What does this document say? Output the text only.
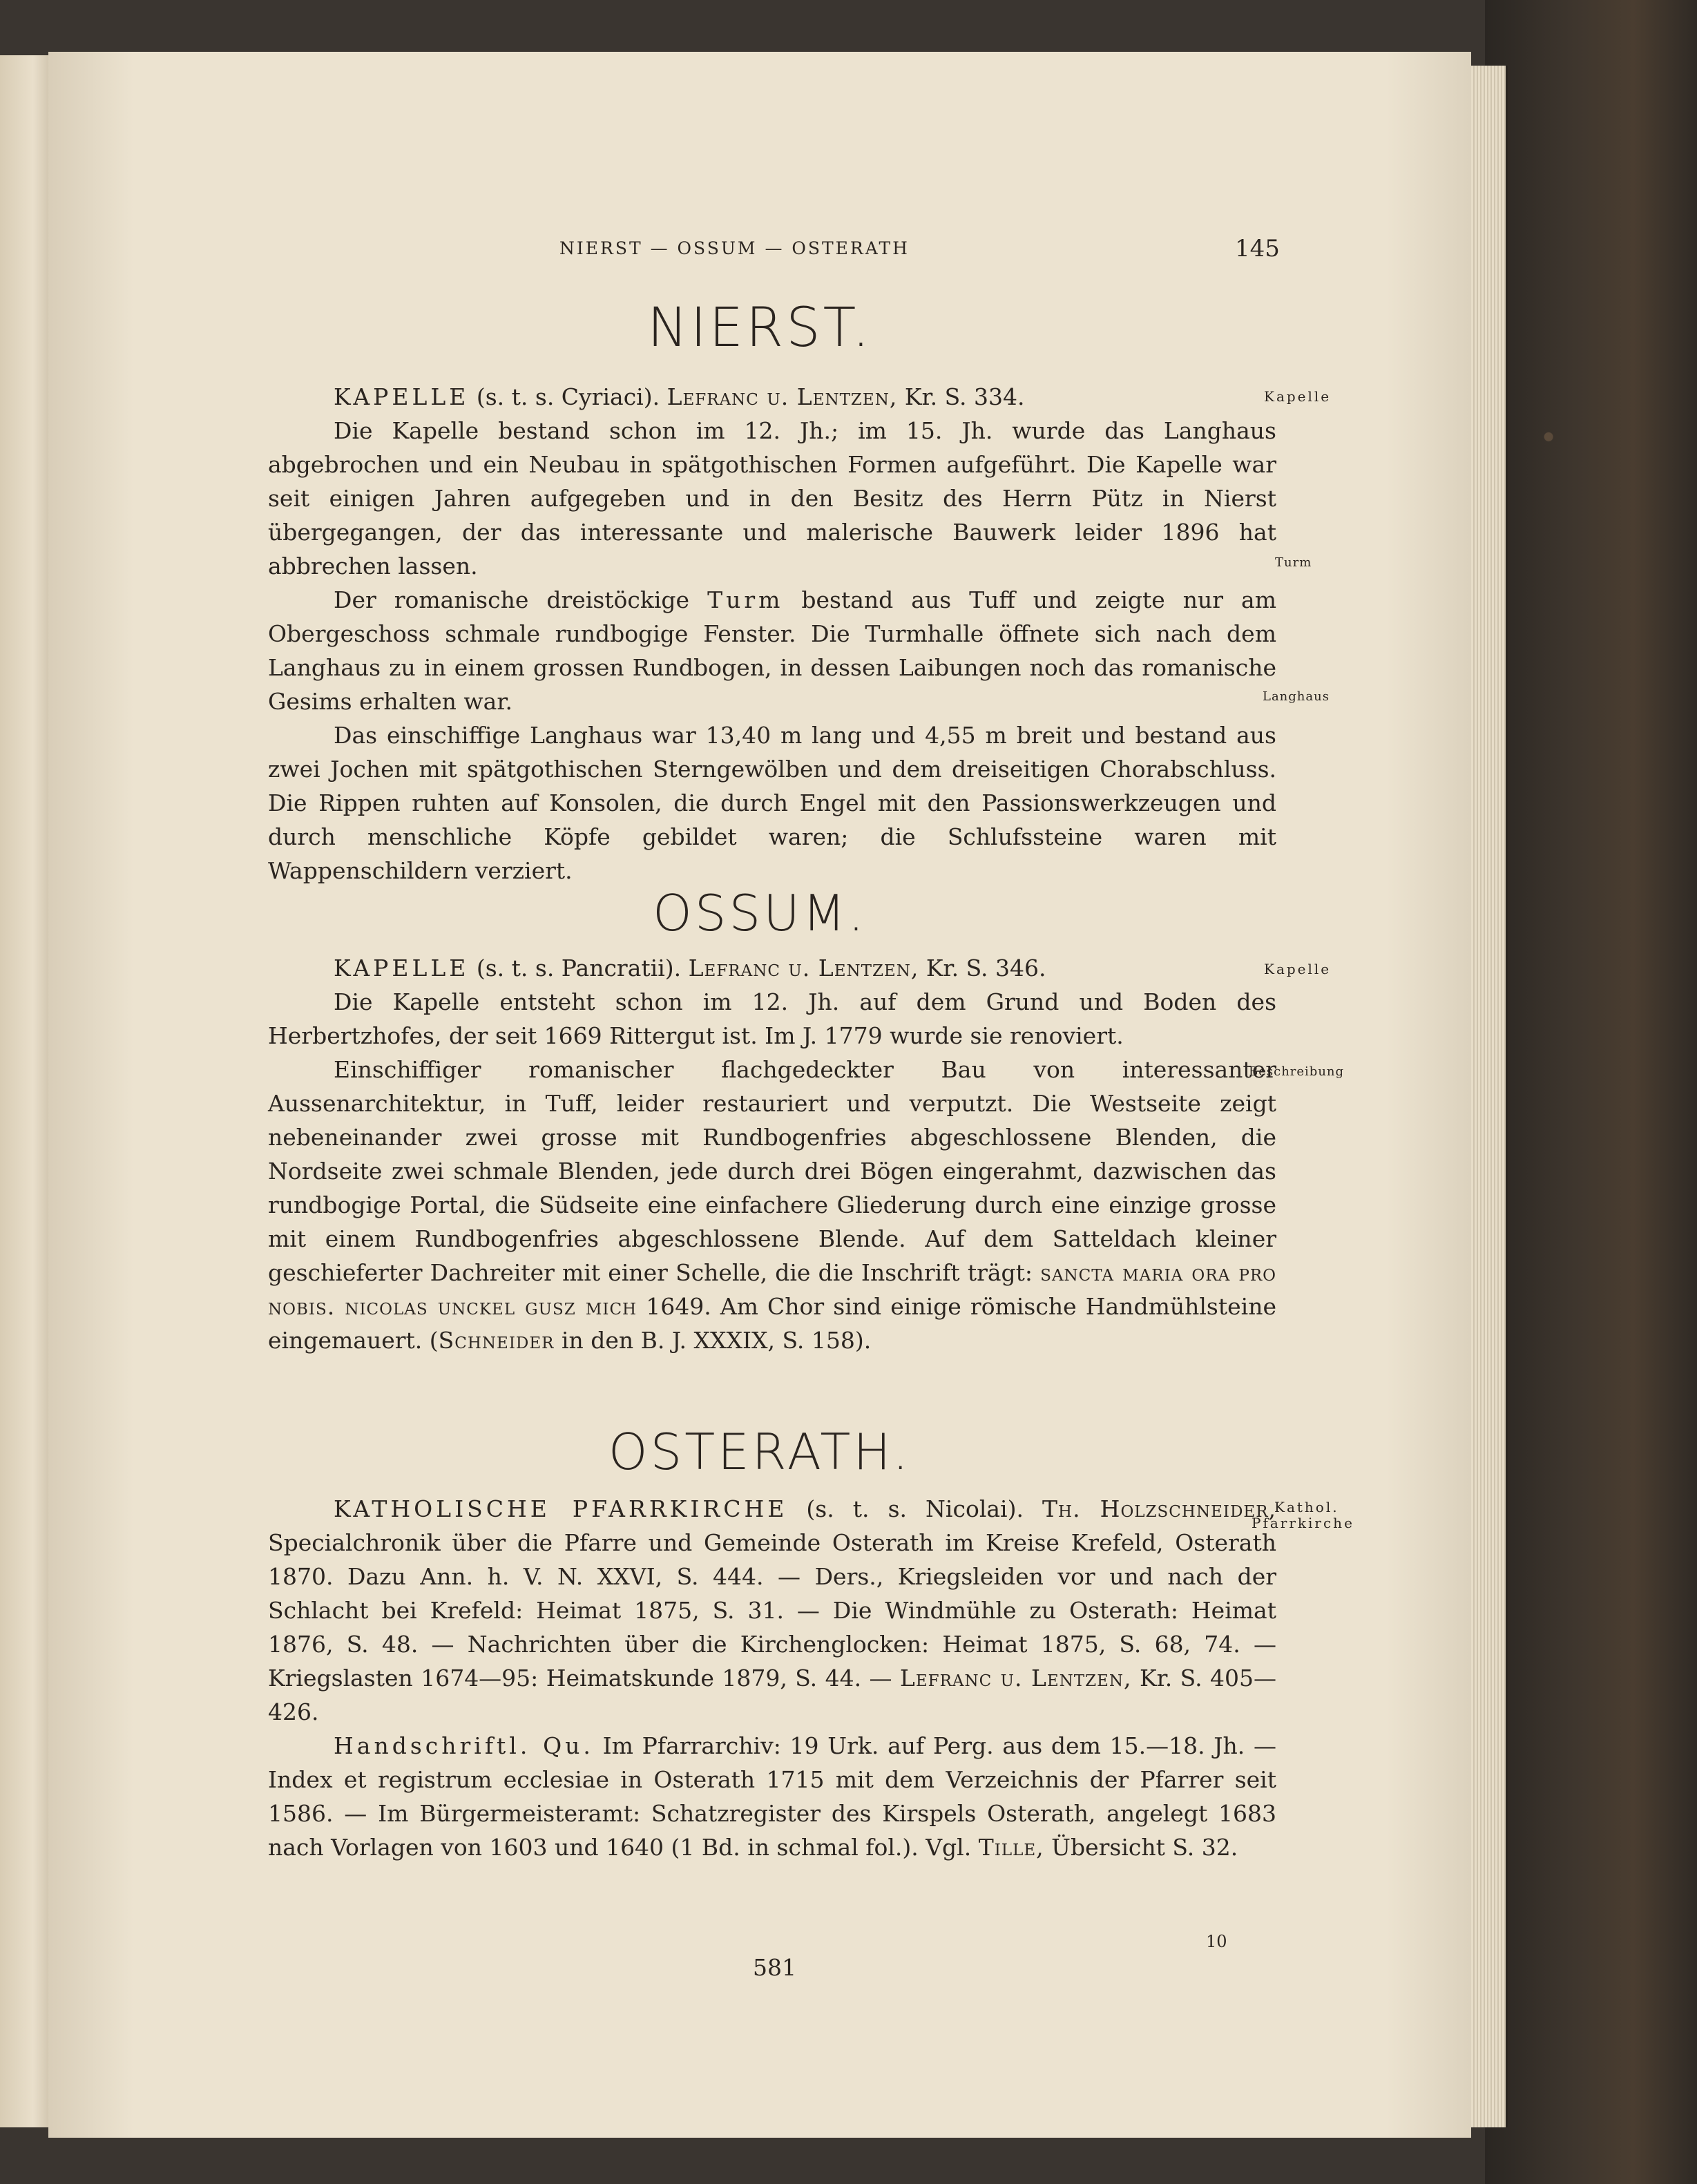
NIERST — OSSUM — OSTERATH	145
NIERST.

KAPELLE (s. t. s. Cyriaci). Lefranc u. Lentzen, Kr. S. 334.

Die Kapelle bestand schon im 12. Jh.; im 15. Jh. wurde das Langhaus abgebrochen und ein Neubau in spätgothischen Formen aufgeführt. Die Kapelle war seit einigen Jahren aufgegeben und in den Besitz des Herrn Pütz in Nierst übergegangen, der das interessante und malerische Bauwerk leider 1896 hat abbrechen lassen.

Der romanische dreistöckige Turm bestand aus Tuff und zeigte nur am Obergeschoss schmale rundbogige Fenster. Die Turmhalle öffnete sich nach dem Langhaus zu in einem grossen Rundbogen, in dessen Laibungen noch das romanische Gesims erhalten war.

Das einschiffige Langhaus war 13,40 m lang und 4,55 m breit und bestand aus zwei Jochen mit spätgothischen Sterngewölben und dem dreiseitigen Chorabschluss. Die Rippen ruhten auf Konsolen, die durch Engel mit den Passionswerkzeugen und durch menschliche Köpfe gebildet waren; die Schlufssteine waren mit Wappenschildern verziert.

Kapelle
Turm
Langhaus
OSSUM.

KAPELLE (s. t. s. Pancratii). Lefranc u. Lentzen, Kr. S. 346.

Die Kapelle entsteht schon im 12. Jh. auf dem Grund und Boden des Herbertzhofes, der seit 1669 Rittergut ist. Im J. 1779 wurde sie renoviert.

Einschiffiger romanischer flachgedeckter Bau von interessanter Aussenarchitektur, in Tuff, leider restauriert und verputzt. Die Westseite zeigt nebeneinander zwei grosse mit Rundbogenfries abgeschlossene Blenden, die Nordseite zwei schmale Blenden, jede durch drei Bögen eingerahmt, dazwischen das rundbogige Portal, die Südseite eine einfachere Gliederung durch eine einzige grosse mit einem Rundbogenfries abgeschlossene Blende. Auf dem Satteldach kleiner geschieferter Dachreiter mit einer Schelle, die die Inschrift trägt: sancta maria ora pro nobis. nicolas unckel gusz mich 1649. Am Chor sind einige römische Handmühlsteine eingemauert. (Schneider in den B. J. XXXIX, S. 158).

Kapelle
Beschreibung
OSTERATH.

KATHOLISCHE PFARRKIRCHE (s. t. s. Nicolai). Th. Holzschneider, Specialchronik über die Pfarre und Gemeinde Osterath im Kreise Krefeld, Osterath 1870. Dazu Ann. h. V. N. XXVI, S. 444. — Ders., Kriegsleiden vor und nach der Schlacht bei Krefeld: Heimat 1875, S. 31. — Die Windmühle zu Osterath: Heimat 1876, S. 48. — Nachrichten über die Kirchenglocken: Heimat 1875, S. 68, 74. — Kriegslasten 1674—95: Heimatskunde 1879, S. 44. — Lefranc u. Lentzen, Kr. S. 405—426.

Handschriftl. Qu. Im Pfarrarchiv: 19 Urk. auf Perg. aus dem 15.—18. Jh. — Index et registrum ecclesiae in Osterath 1715 mit dem Verzeichnis der Pfarrer seit 1586. — Im Bürgermeisteramt: Schatzregister des Kirspels Osterath, angelegt 1683 nach Vorlagen von 1603 und 1640 (1 Bd. in schmal fol.). Vgl. Tille, Übersicht S. 32.

Kathol.
Pfarrkirche
10
581
